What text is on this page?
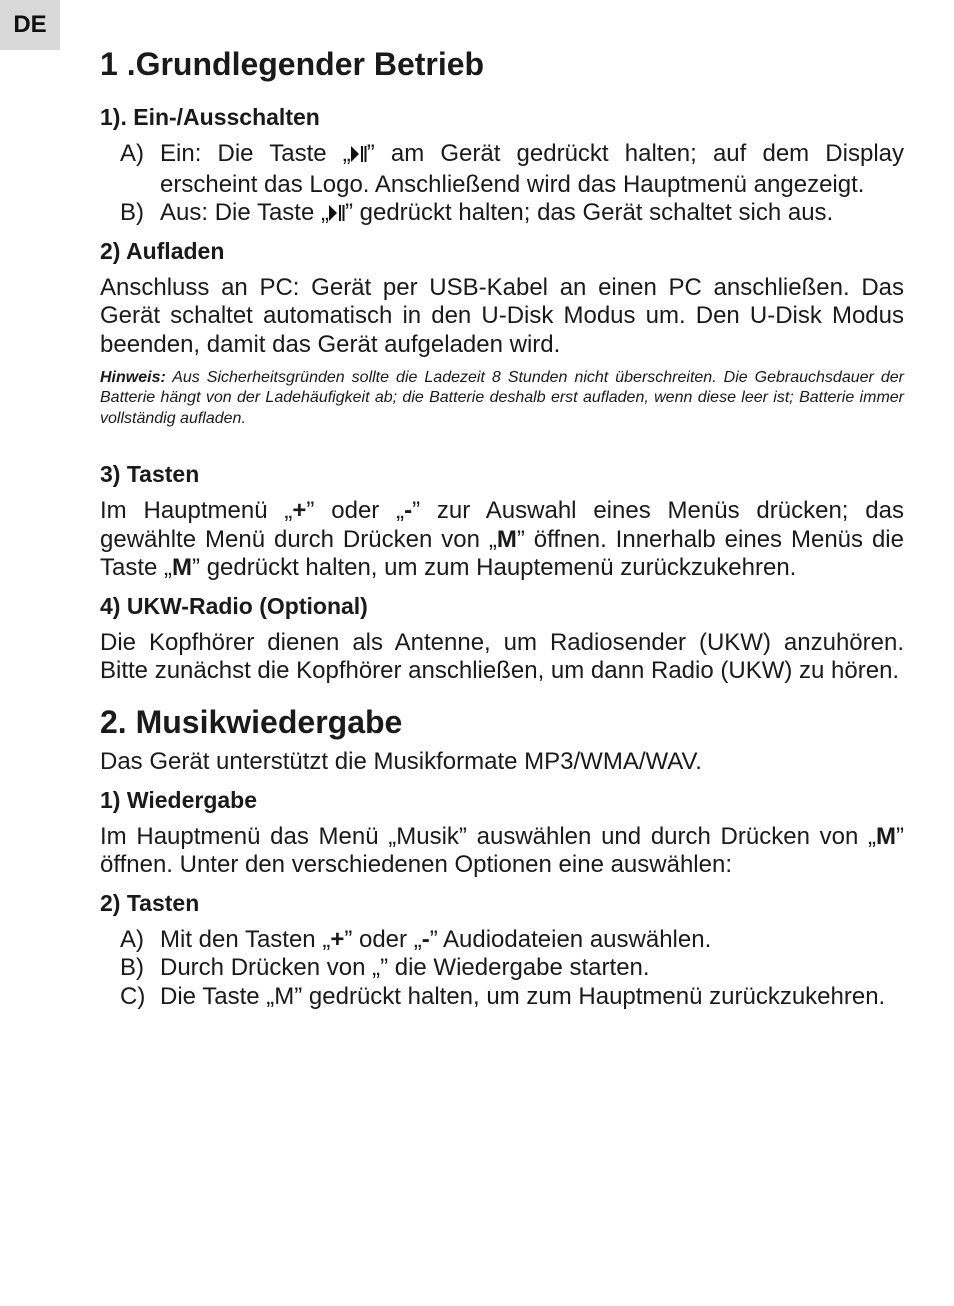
DE
1 .Grundlegender Betrieb
1). Ein-/Ausschalten
A) Ein: Die Taste „ ” am Gerät gedrückt halten; auf dem Display erscheint das Logo. Anschließend wird das Hauptmenü angezeigt.
B) Aus: Die Taste „ ” gedrückt halten; das Gerät schaltet sich aus.
2) Aufladen

Anschluss an PC: Gerät per USB-Kabel an einen PC anschließen. Das Gerät schaltet automatisch in den U-Disk Modus um. Den U-Disk Modus beenden, damit das Gerät aufgeladen wird.

Hinweis: Aus Sicherheitsgründen sollte die Ladezeit 8 Stunden nicht überschreiten. Die Gebrauchsdauer der Batterie hängt von der Ladehäufigkeit ab; die Batterie deshalb erst aufladen, wenn diese leer ist; Batterie immer vollständig aufladen.

3) Tasten

Im Hauptmenü „+” oder „-” zur Auswahl eines Menüs drücken; das gewählte Menü durch Drücken von „M” öffnen. Innerhalb eines Menüs die Taste „M” gedrückt halten, um zum Hauptemenü zurückzukehren.

4) UKW-Radio (Optional)

Die Kopfhörer dienen als Antenne, um Radiosender (UKW) anzuhören. Bitte zunächst die Kopfhörer anschließen, um dann Radio (UKW) zu hören.

2. Musikwiedergabe

Das Gerät unterstützt die Musikformate MP3/WMA/WAV.

1) Wiedergabe

Im Hauptmenü das Menü „Musik” auswählen und durch Drücken von „M” öffnen. Unter den verschiedenen Optionen eine auswählen:

2) Tasten
A) Mit den Tasten „+” oder „-” Audiodateien auswählen.
B) Durch Drücken von „” die Wiedergabe starten.
C) Die Taste „M” gedrückt halten, um zum Hauptmenü zurückzukehren.
